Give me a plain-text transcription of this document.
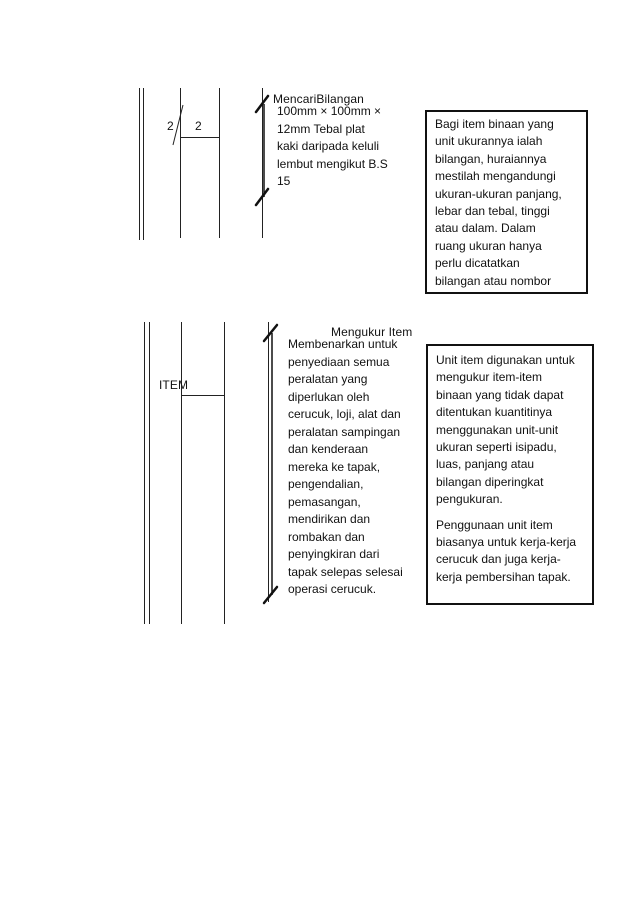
2 2
MencariBilangan
100mm × 100mm ×
12mm Tebal plat
kaki daripada keluli
lembut mengikut B.S
15
Bagi item binaan yang
unit ukurannya ialah
bilangan, huraiannya
mestilah mengandungi
ukuran-ukuran panjang,
lebar dan tebal, tinggi
atau dalam. Dalam
ruang ukuran hanya
perlu dicatatkan
bilangan atau nombor
ITEM
Mengukur Item
Membenarkan untuk
penyediaan semua
peralatan yang
diperlukan oleh
cerucuk, loji, alat dan
peralatan sampingan
dan kenderaan
mereka ke tapak,
pengendalian,
pemasangan,
mendirikan dan
rombakan dan
penyingkiran dari
tapak selepas selesai
operasi cerucuk.
Unit item digunakan untuk
mengukur item-item
binaan yang tidak dapat
ditentukan kuantitinya
menggunakan unit-unit
ukuran seperti isipadu,
luas, panjang atau
bilangan diperingkat
pengukuran.
Penggunaan unit item
biasanya untuk kerja-kerja
cerucuk dan juga kerja-
kerja pembersihan tapak.
